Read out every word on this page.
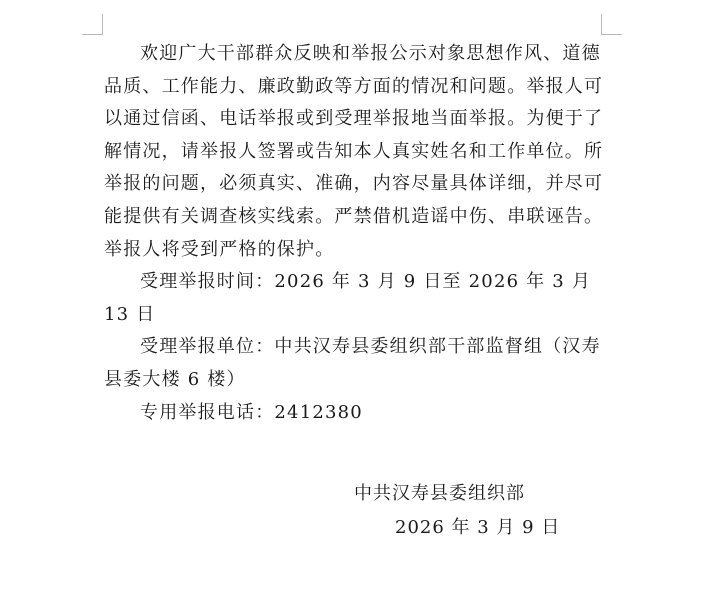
欢迎广大干部群众反映和举报公示对象思想作风、道德品质、工作能力、廉政勤政等方面的情况和问题。举报人可以通过信函、电话举报或到受理举报地当面举报。为便于了解情况，请举报人签署或告知本人真实姓名和工作单位。所举报的问题，必须真实、准确，内容尽量具体详细，并尽可能提供有关调查核实线索。严禁借机造谣中伤、串联诬告。举报人将受到严格的保护。

受理举报时间：2026 年 3 月 9 日至 2026 年 3 月 13 日

受理举报单位：中共汉寿县委组织部干部监督组（汉寿县委大楼 6 楼）

专用举报电话：2412380

中共汉寿县委组织部
2026 年 3 月 9 日
